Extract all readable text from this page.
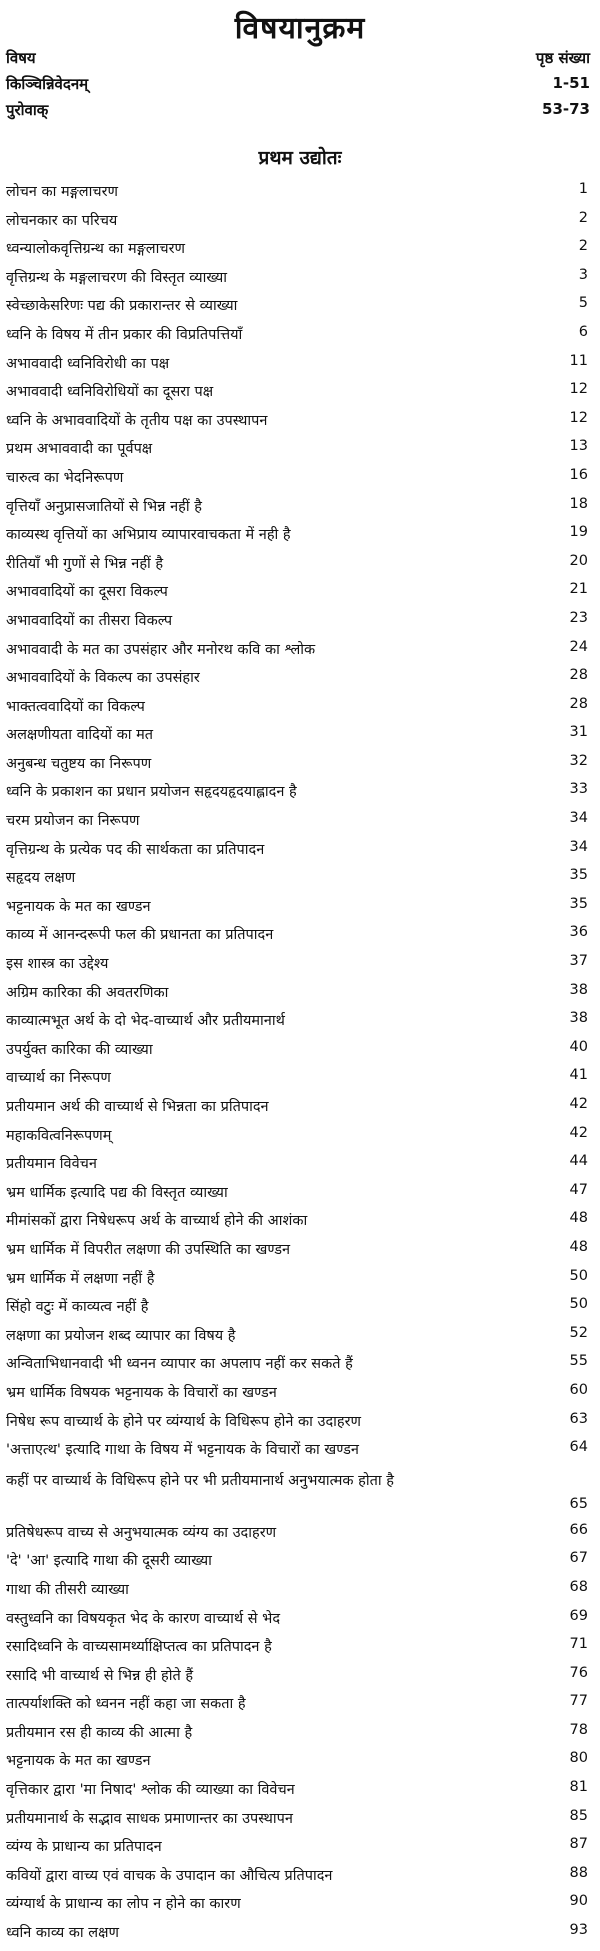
विषयानुक्रम
विषय	पृष्ठ संख्या
किञ्चिन्निवेदनम्	1-51
पुरोवाक्	53-73
प्रथम उद्योतः
लोचन का मङ्गलाचरण	1
लोचनकार का परिचय	2
ध्वन्यालोकवृत्तिग्रन्थ का मङ्गलाचरण	2
वृत्तिग्रन्थ के मङ्गलाचरण की विस्तृत व्याख्या	3
स्वेच्छाकेसरिणः पद्य की प्रकारान्तर से व्याख्या	5
ध्वनि के विषय में तीन प्रकार की विप्रतिपत्तियाँ	6
अभाववादी ध्वनिविरोधी का पक्ष	11
अभाववादी ध्वनिविरोधियों का दूसरा पक्ष	12
ध्वनि के अभाववादियों के तृतीय पक्ष का उपस्थापन	12
प्रथम अभाववादी का पूर्वपक्ष	13
चारुत्व का भेदनिरूपण	16
वृत्तियाँ अनुप्रासजातियों से भिन्न नहीं है	18
काव्यस्थ वृत्तियों का अभिप्राय व्यापारवाचकता में नही है	19
रीतियाँ भी गुणों से भिन्न नहीं है	20
अभाववादियों का दूसरा विकल्प	21
अभाववादियों का तीसरा विकल्प	23
अभाववादी के मत का उपसंहार और मनोरथ कवि का श्लोक	24
अभाववादियों के विकल्प का उपसंहार	28
भाक्तत्ववादियों का विकल्प	28
अलक्षणीयता वादियों का मत	31
अनुबन्ध चतुष्टय का निरूपण	32
ध्वनि के प्रकाशन का प्रधान प्रयोजन सहृदयहृदयाह्लादन है	33
चरम प्रयोजन का निरूपण	34
वृत्तिग्रन्थ के प्रत्येक पद की सार्थकता का प्रतिपादन	34
सहृदय लक्षण	35
भट्टनायक के मत का खण्डन	35
काव्य में आनन्दरूपी फल की प्रधानता का प्रतिपादन	36
इस शास्त्र का उद्देश्य	37
अग्रिम कारिका की अवतरणिका	38
काव्यात्मभूत अर्थ के दो भेद-वाच्यार्थ और प्रतीयमानार्थ	38
उपर्युक्त कारिका की व्याख्या	40
वाच्यार्थ का निरूपण	41
प्रतीयमान अर्थ की वाच्यार्थ से भिन्नता का प्रतिपादन	42
महाकवित्वनिरूपणम्	42
प्रतीयमान विवेचन	44
भ्रम धार्मिक इत्यादि पद्य की विस्तृत व्याख्या	47
मीमांसकों द्वारा निषेधरूप अर्थ के वाच्यार्थ होने की आशंका	48
भ्रम धार्मिक में विपरीत लक्षणा की उपस्थिति का खण्डन	48
भ्रम धार्मिक में लक्षणा नहीं है	50
सिंहो वटुः में काव्यत्व नहीं है	50
लक्षणा का प्रयोजन शब्द व्यापार का विषय है	52
अन्विताभिधानवादी भी ध्वनन व्यापार का अपलाप नहीं कर सकते हैं	55
भ्रम धार्मिक विषयक भट्टनायक के विचारों का खण्डन	60
निषेध रूप वाच्यार्थ के होने पर व्यंग्यार्थ के विधिरूप होने का उदाहरण	63
'अत्ताएत्थ' इत्यादि गाथा के विषय में भट्टनायक के विचारों का खण्डन	64
कहीं पर वाच्यार्थ के विधिरूप होने पर भी प्रतीयमानार्थ अनुभयात्मक होता है
65
प्रतिषेधरूप वाच्य से अनुभयात्मक व्यंग्य का उदाहरण	66
'दे' 'आ' इत्यादि गाथा की दूसरी व्याख्या	67
गाथा की तीसरी व्याख्या	68
वस्तुध्वनि का विषयकृत भेद के कारण वाच्यार्थ से भेद	69
रसादिध्वनि के वाच्यसामर्थ्याक्षिप्तत्व का प्रतिपादन है	71
रसादि भी वाच्यार्थ से भिन्न ही होते हैं	76
तात्पर्याशक्ति को ध्वनन नहीं कहा जा सकता है	77
प्रतीयमान रस ही काव्य की आत्मा है	78
भट्टनायक के मत का खण्डन	80
वृत्तिकार द्वारा 'मा निषाद' श्लोक की व्याख्या का विवेचन	81
प्रतीयमानार्थ के सद्भाव साधक प्रमाणान्तर का उपस्थापन	85
व्यंग्य के प्राधान्य का प्रतिपादन	87
कवियों द्वारा वाच्य एवं वाचक के उपादान का औचित्य प्रतिपादन	88
व्यंग्यार्थ के प्राधान्य का लोप न होने का कारण	90
ध्वनि काव्य का लक्षण	93
